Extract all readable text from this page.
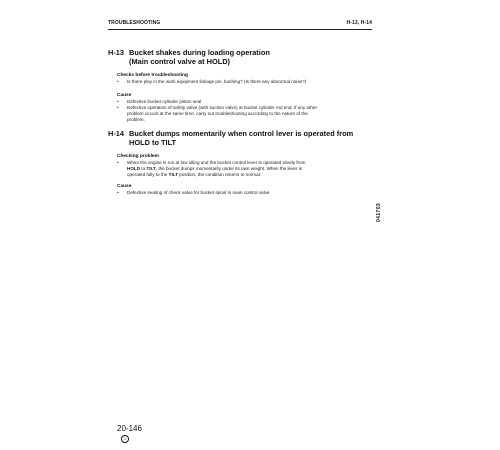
TROUBLESHOOTING	H-13, H-14
H-13 Bucket shakes during loading operation
(Main control valve at HOLD)
Checks before troubleshooting
• Is there play in the work equipment linkage pin, bushing? (Is there any abnormal noise?)
Cause
• Defective bucket cylinder piston seal
• Defective operation of safety valve (with suction valve) at bucket cylinder rod end. If any other
problem occurs at the same time, carry out troubleshooting according to the nature of the
problem.
H-14 Bucket dumps momentarily when control lever is operated from
HOLD to TILT
Checking problem
• When the engine is run at low idling and the bucket control lever is operated slowly from
HOLD to TILT, the bucket dumps momentarily under its own weight. When the lever is
operated fully to the TILT position, the condition returns to normal.
Cause
• Defective seating of check valve for bucket spool in main control valve
041703
20-146
1
